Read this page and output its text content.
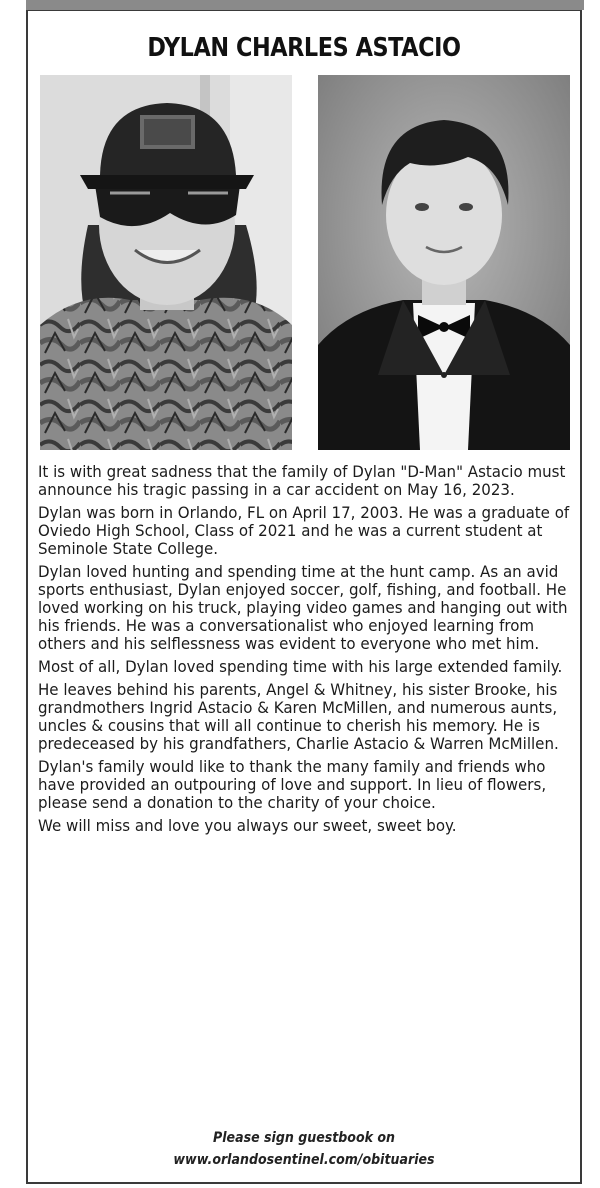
DYLAN CHARLES ASTACIO

It is with great sadness that the family of Dylan "D-Man" Astacio must announce his tragic passing in a car accident on May 16, 2023.

Dylan was born in Orlando, FL on April 17, 2003. He was a graduate of Oviedo High School, Class of 2021 and he was a current student at Seminole State College.

Dylan loved hunting and spending time at the hunt camp. As an avid sports enthusiast, Dylan enjoyed soccer, golf, fishing, and football. He loved working on his truck, playing video games and hanging out with his friends. He was a conversationalist who enjoyed learning from others and his selflessness was evident to everyone who met him.

Most of all, Dylan loved spending time with his large extended family.

He leaves behind his parents, Angel & Whitney, his sister Brooke, his grandmothers Ingrid Astacio & Karen McMillen, and numerous aunts, uncles & cousins that will all continue to cherish his memory. He is predeceased by his grandfathers, Charlie Astacio & Warren McMillen.

Dylan's family would like to thank the many family and friends who have provided an outpouring of love and support. In lieu of flowers, please send a donation to the charity of your choice.

We will miss and love you always our sweet, sweet boy.

Please sign guestbook on
www.orlandosentinel.com/obituaries
